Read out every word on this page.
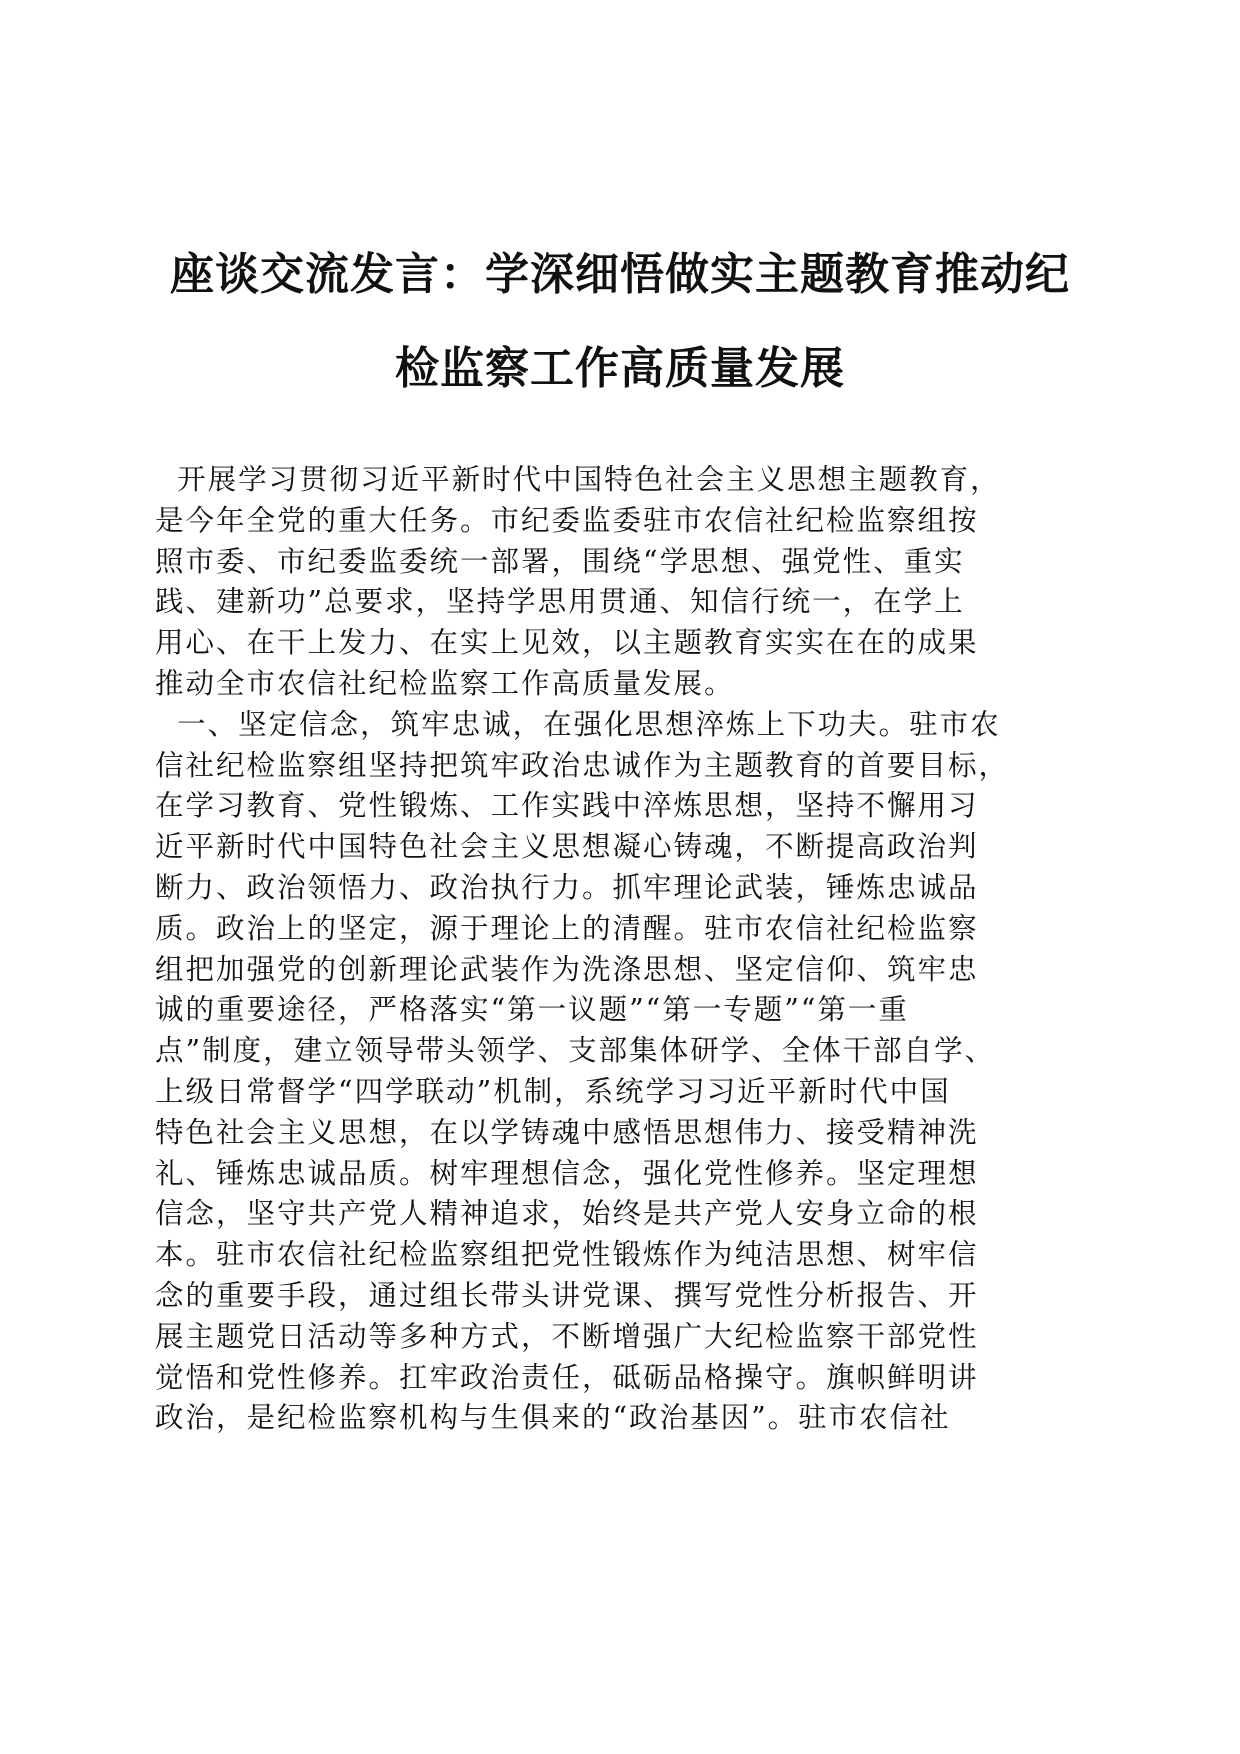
座谈交流发言：学深细悟做实主题教育推动纪
检监察工作高质量发展

开展学习贯彻习近平新时代中国特色社会主义思想主题教育，
是今年全党的重大任务。市纪委监委驻市农信社纪检监察组按
照市委、市纪委监委统一部署，围绕“学思想、强党性、重实
践、建新功”总要求，坚持学思用贯通、知信行统一，在学上
用心、在干上发力、在实上见效，以主题教育实实在在的成果
推动全市农信社纪检监察工作高质量发展。

一、坚定信念，筑牢忠诚，在强化思想淬炼上下功夫。驻市农
信社纪检监察组坚持把筑牢政治忠诚作为主题教育的首要目标，
在学习教育、党性锻炼、工作实践中淬炼思想，坚持不懈用习
近平新时代中国特色社会主义思想凝心铸魂，不断提高政治判
断力、政治领悟力、政治执行力。抓牢理论武装，锤炼忠诚品
质。政治上的坚定，源于理论上的清醒。驻市农信社纪检监察
组把加强党的创新理论武装作为洗涤思想、坚定信仰、筑牢忠
诚的重要途径，严格落实“第一议题”“第一专题”“第一重
点”制度，建立领导带头领学、支部集体研学、全体干部自学、
上级日常督学“四学联动”机制，系统学习习近平新时代中国
特色社会主义思想，在以学铸魂中感悟思想伟力、接受精神洗
礼、锤炼忠诚品质。树牢理想信念，强化党性修养。坚定理想
信念，坚守共产党人精神追求，始终是共产党人安身立命的根
本。驻市农信社纪检监察组把党性锻炼作为纯洁思想、树牢信
念的重要手段，通过组长带头讲党课、撰写党性分析报告、开
展主题党日活动等多种方式，不断增强广大纪检监察干部党性
觉悟和党性修养。扛牢政治责任，砥砺品格操守。旗帜鲜明讲
政治，是纪检监察机构与生俱来的“政治基因”。驻市农信社
